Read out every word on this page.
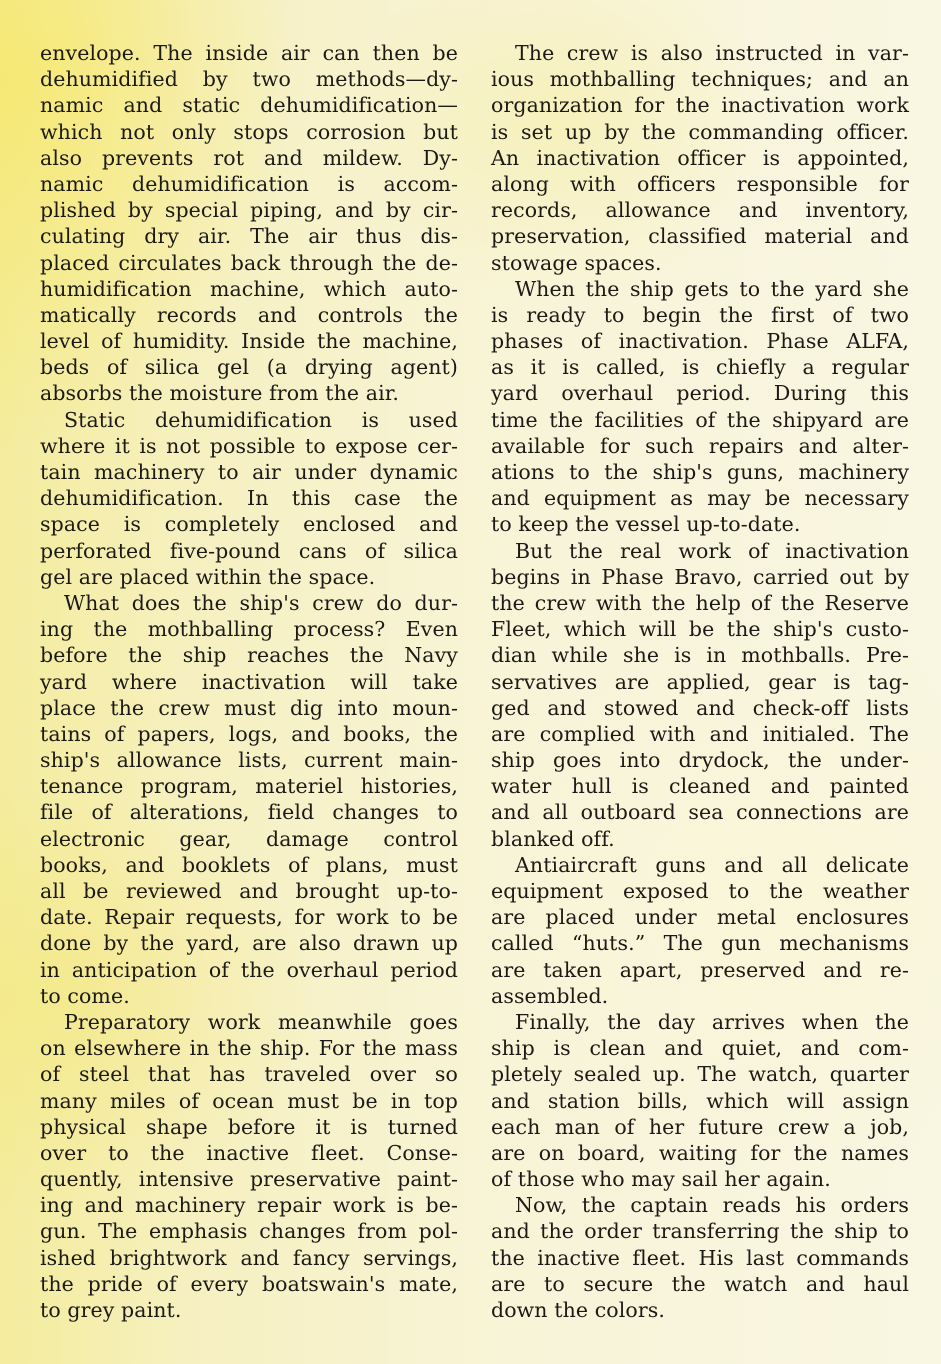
envelope. The inside air can then be
dehumidified by two methods—dy-
namic and static dehumidification—
which not only stops corrosion but
also prevents rot and mildew. Dy-
namic dehumidification is accom-
plished by special piping, and by cir-
culating dry air. The air thus dis-
placed circulates back through the de-
humidification machine, which auto-
matically records and controls the
level of humidity. Inside the machine,
beds of silica gel (a drying agent)
absorbs the moisture from the air.
Static dehumidification is used
where it is not possible to expose cer-
tain machinery to air under dynamic
dehumidification. In this case the
space is completely enclosed and
perforated five-pound cans of silica
gel are placed within the space.
What does the ship's crew do dur-
ing the mothballing process? Even
before the ship reaches the Navy
yard where inactivation will take
place the crew must dig into moun-
tains of papers, logs, and books, the
ship's allowance lists, current main-
tenance program, materiel histories,
file of alterations, field changes to
electronic gear, damage control
books, and booklets of plans, must
all be reviewed and brought up-to-
date. Repair requests, for work to be
done by the yard, are also drawn up
in anticipation of the overhaul period
to come.
Preparatory work meanwhile goes
on elsewhere in the ship. For the mass
of steel that has traveled over so
many miles of ocean must be in top
physical shape before it is turned
over to the inactive fleet. Conse-
quently, intensive preservative paint-
ing and machinery repair work is be-
gun. The emphasis changes from pol-
ished brightwork and fancy servings,
the pride of every boatswain's mate,
to grey paint.
The crew is also instructed in var-
ious mothballing techniques; and an
organization for the inactivation work
is set up by the commanding officer.
An inactivation officer is appointed,
along with officers responsible for
records, allowance and inventory,
preservation, classified material and
stowage spaces.
When the ship gets to the yard she
is ready to begin the first of two
phases of inactivation. Phase ALFA,
as it is called, is chiefly a regular
yard overhaul period. During this
time the facilities of the shipyard are
available for such repairs and alter-
ations to the ship's guns, machinery
and equipment as may be necessary
to keep the vessel up-to-date.
But the real work of inactivation
begins in Phase Bravo, carried out by
the crew with the help of the Reserve
Fleet, which will be the ship's custo-
dian while she is in mothballs. Pre-
servatives are applied, gear is tag-
ged and stowed and check-off lists
are complied with and initialed. The
ship goes into drydock, the under-
water hull is cleaned and painted
and all outboard sea connections are
blanked off.
Antiaircraft guns and all delicate
equipment exposed to the weather
are placed under metal enclosures
called “huts.” The gun mechanisms
are taken apart, preserved and re-
assembled.
Finally, the day arrives when the
ship is clean and quiet, and com-
pletely sealed up. The watch, quarter
and station bills, which will assign
each man of her future crew a job,
are on board, waiting for the names
of those who may sail her again.
Now, the captain reads his orders
and the order transferring the ship to
the inactive fleet. His last commands
are to secure the watch and haul
down the colors.
